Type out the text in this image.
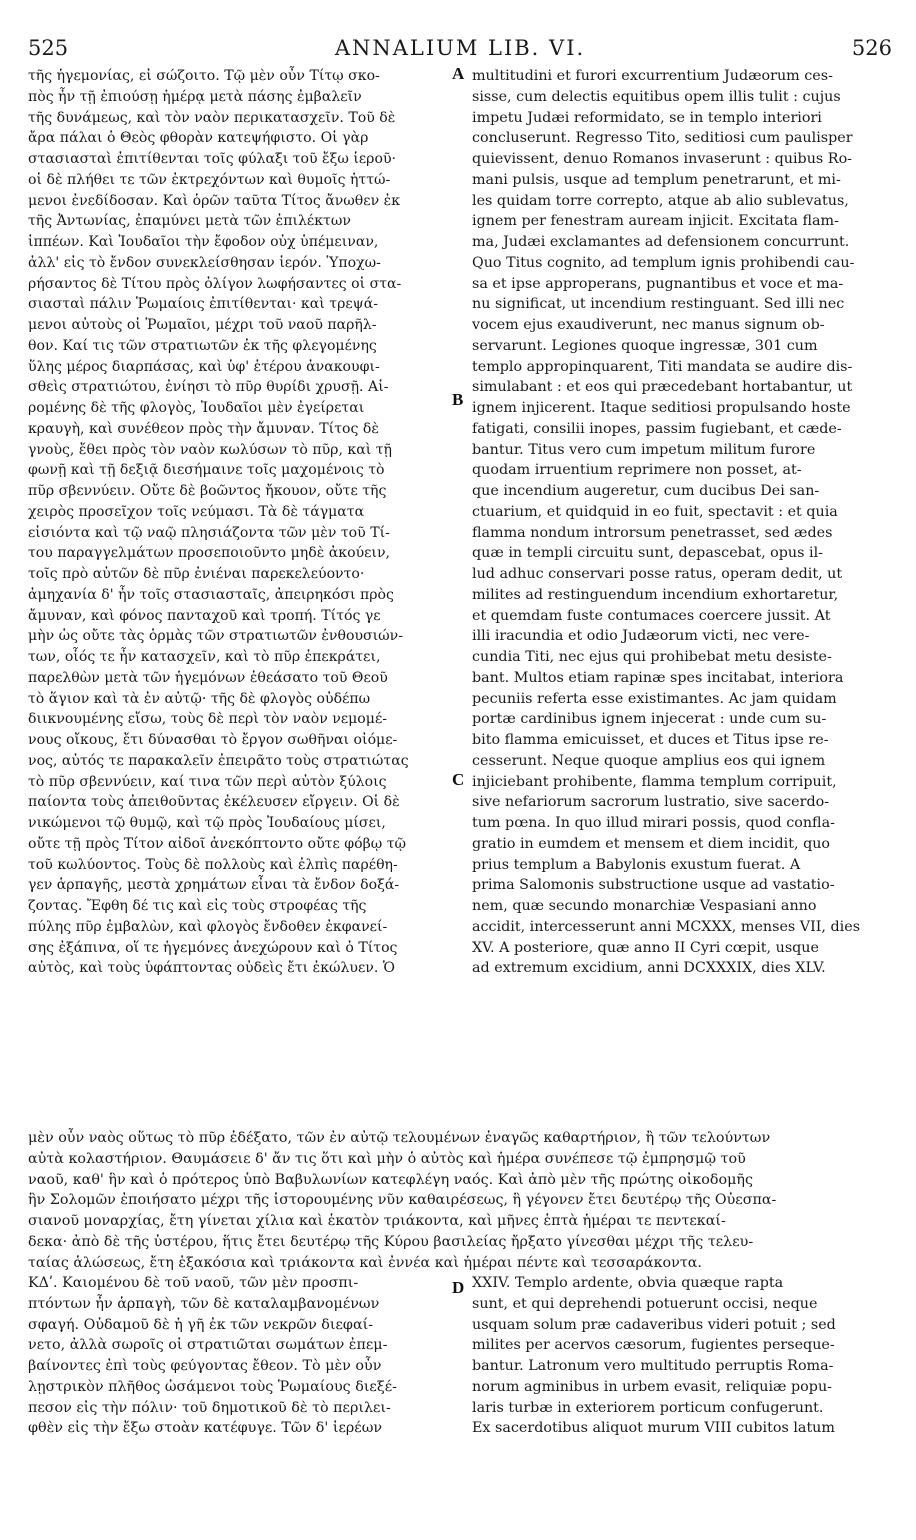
525	ANNALIUM LIB. VI.	526
τῆς ἡγεμονίας, εἰ σώζοιτο. Τῷ μὲν οὖν Τίτῳ σκο-
πὸς ἦν τῇ ἐπιούσῃ ἡμέρᾳ μετὰ πάσης ἐμβαλεῖν
τῆς δυνάμεως, καὶ τὸν ναὸν περικατασχεῖν. Τοῦ δὲ
ἄρα πάλαι ὁ Θεὸς φθορὰν κατεψήφιστο. Οἱ γὰρ
στασιασταὶ ἐπιτίθενται τοῖς φύλαξι τοῦ ἔξω ἱεροῦ·
οἱ δὲ πλήθει τε τῶν ἐκτρεχόντων καὶ θυμοῖς ἡττώ-
μενοι ἐνεδίδοσαν. Καὶ ὁρῶν ταῦτα Τίτος ἄνωθεν ἐκ
τῆς Ἀντωνίας, ἐπαμύνει μετὰ τῶν ἐπιλέκτων
ἱππέων. Καὶ Ἰουδαῖοι τὴν ἔφοδον οὐχ ὑπέμειναν,
ἀλλ' εἰς τὸ ἔνδον συνεκλείσθησαν ἱερόν. Ὑποχω-
ρήσαντος δὲ Τίτου πρὸς ὀλίγον λωφήσαντες οἱ στα-
σιασταὶ πάλιν Ῥωμαίοις ἐπιτίθενται· καὶ τρεψά-
μενοι αὐτοὺς οἱ Ῥωμαῖοι, μέχρι τοῦ ναοῦ παρῆλ-
θον. Καί τις τῶν στρατιωτῶν ἐκ τῆς φλεγομένης
ὕλης μέρος διαρπάσας, καὶ ὑφ' ἑτέρου ἀνακουφι-
σθεὶς στρατιώτου, ἐνίησι τὸ πῦρ θυρίδι χρυσῇ. Αἱ-
ρομένης δὲ τῆς φλογὸς, Ἰουδαῖοι μὲν ἐγείρεται
κραυγὴ, καὶ συνέθεον πρὸς τὴν ἄμυναν. Τίτος δὲ
γνοὺς, ἔθει πρὸς τὸν ναὸν κωλύσων τὸ πῦρ, καὶ τῇ
φωνῇ καὶ τῇ δεξιᾷ διεσήμαινε τοῖς μαχομένοις τὸ
πῦρ σβεννύειν. Οὔτε δὲ βοῶντος ἤκουον, οὔτε τῆς
χειρὸς προσεῖχον τοῖς νεύμασι. Τὰ δὲ τάγματα
εἰσιόντα καὶ τῷ ναῷ πλησιάζοντα τῶν μὲν τοῦ Τί-
του παραγγελμάτων προσεποιοῦντο μηδὲ ἀκούειν,
τοῖς πρὸ αὐτῶν δὲ πῦρ ἐνιέναι παρεκελεύοντο·
ἀμηχανία δ' ἦν τοῖς στασιασταῖς, ἀπειρηκόσι πρὸς
ἄμυναν, καὶ φόνος πανταχοῦ καὶ τροπή. Τίτός γε
μὴν ὡς οὔτε τὰς ὁρμὰς τῶν στρατιωτῶν ἐνθουσιών-
των, οἷός τε ἦν κατασχεῖν, καὶ τὸ πῦρ ἐπεκράτει,
παρελθὼν μετὰ τῶν ἡγεμόνων ἐθεάσατο τοῦ Θεοῦ
τὸ ἅγιον καὶ τὰ ἐν αὐτῷ· τῆς δὲ φλογὸς οὐδέπω
διικνουμένης εἴσω, τοὺς δὲ περὶ τὸν ναὸν νεμομέ-
νους οἴκους, ἔτι δύνασθαι τὸ ἔργον σωθῆναι οἰόμε-
νος, αὐτός τε παρακαλεῖν ἐπειρᾶτο τοὺς στρατιώτας
τὸ πῦρ σβεννύειν, καί τινα τῶν περὶ αὐτὸν ξύλοις
παίοντα τοὺς ἀπειθοῦντας ἐκέλευσεν εἴργειν. Οἱ δὲ
νικώμενοι τῷ θυμῷ, καὶ τῷ πρὸς Ἰουδαίους μίσει,
οὔτε τῇ πρὸς Τίτον αἰδοῖ ἀνεκόπτοντο οὔτε φόβῳ τῷ
τοῦ κωλύοντος. Τοὺς δὲ πολλοὺς καὶ ἐλπὶς παρέθη-
γεν ἁρπαγῆς, μεστὰ χρημάτων εἶναι τὰ ἔνδον δοξά-
ζοντας. Ἔφθη δέ τις καὶ εἰς τοὺς στροφέας τῆς
πύλης πῦρ ἐμβαλὼν, καὶ φλογὸς ἔνδοθεν ἐκφανεί-
σης ἐξάπινα, οἵ τε ἡγεμόνες ἀνεχώρουν καὶ ὁ Τίτος
αὐτὸς, καὶ τοὺς ὑφάπτοντας οὐδεὶς ἔτι ἐκώλυεν. Ὁ
multitudini et furori excurrentium Judæorum ces-
sisse, cum delectis equitibus opem illis tulit : cujus
impetu Judæi reformidato, se in templo interiori
concluserunt. Regresso Tito, seditiosi cum paulisper
quievissent, denuo Romanos invaserunt : quibus Ro-
mani pulsis, usque ad templum penetrarunt, et mi-
les quidam torre correpto, atque ab alio sublevatus,
ignem per fenestram auream injicit. Excitata flam-
ma, Judæi exclamantes ad defensionem concurrunt.
Quo Titus cognito, ad templum ignis prohibendi cau-
sa et ipse approperans, pugnantibus et voce et ma-
nu significat, ut incendium restinguant. Sed illi nec
vocem ejus exaudiverunt, nec manus signum ob-
servarunt. Legiones quoque ingressæ, 301 cum
templo appropinquarent, Titi mandata se audire dis-
simulabant : et eos qui præcedebant hortabantur, ut
ignem injicerent. Itaque seditiosi propulsando hoste
fatigati, consilii inopes, passim fugiebant, et cæde-
bantur. Titus vero cum impetum militum furore
quodam irruentium reprimere non posset, at-
que incendium augeretur, cum ducibus Dei san-
ctuarium, et quidquid in eo fuit, spectavit : et quia
flamma nondum introrsum penetrasset, sed ædes
quæ in templi circuitu sunt, depascebat, opus il-
lud adhuc conservari posse ratus, operam dedit, ut
milites ad restinguendum incendium exhortaretur,
et quemdam fuste contumaces coercere jussit. At
illi iracundia et odio Judæorum victi, nec vere-
cundia Titi, nec ejus qui prohibebat metu desiste-
bant. Multos etiam rapinæ spes incitabat, interiora
pecuniis referta esse existimantes. Ac jam quidam
portæ cardinibus ignem injecerat : unde cum su-
bito flamma emicuisset, et duces et Titus ipse re-
cesserunt. Neque quoque amplius eos qui ignem
injiciebant prohibente, flamma templum corripuit,
sive nefariorum sacrorum lustratio, sive sacerdo-
tum pœna. In quo illud mirari possis, quod confla-
gratio in eumdem et mensem et diem incidit, quo
prius templum a Babylonis exustum fuerat. A
prima Salomonis substructione usque ad vastatio-
nem, quæ secundo monarchiæ Vespasiani anno
accidit, intercesserunt anni MCXXX, menses VII, dies
XV. A posteriore, quæ anno II Cyri cœpit, usque
ad extremum excidium, anni DCXXXIX, dies XLV.
A
B
C
D
μὲν οὖν ναὸς οὕτως τὸ πῦρ ἐδέξατο, τῶν ἐν αὐτῷ τελουμένων ἐναγῶς καθαρτήριον, ἢ τῶν τελούντων
αὐτὰ κολαστήριον. Θαυμάσειε δ' ἄν τις ὅτι καὶ μὴν ὁ αὐτὸς καὶ ἡμέρα συνέπεσε τῷ ἐμπρησμῷ τοῦ
ναοῦ, καθ' ἣν καὶ ὁ πρότερος ὑπὸ Βαβυλωνίων κατεφλέγη ναός. Καὶ ἀπὸ μὲν τῆς πρώτης οἰκοδομῆς
ἣν Σολομῶν ἐποιήσατο μέχρι τῆς ἱστορουμένης νῦν καθαιρέσεως, ἣ γέγονεν ἔτει δευτέρῳ τῆς Οὐεσπα-
σιανοῦ μοναρχίας, ἔτη γίνεται χίλια καὶ ἑκατὸν τριάκοντα, καὶ μῆνες ἑπτὰ ἡμέραι τε πεντεκαί-
δεκα· ἀπὸ δὲ τῆς ὑστέρου, ἥτις ἔτει δευτέρῳ τῆς Κύρου βασιλείας ἤρξατο γίνεσθαι μέχρι τῆς τελευ-
ταίας ἁλώσεως, ἔτη ἑξακόσια καὶ τριάκοντα καὶ ἐννέα καὶ ἡμέραι πέντε καὶ τεσσαράκοντα.
ΚΔʹ. Καιομένου δὲ τοῦ ναοῦ, τῶν μὲν προσπι-
πτόντων ἦν ἁρπαγὴ, τῶν δὲ καταλαμβανομένων
σφαγή. Οὐδαμοῦ δὲ ἡ γῆ ἐκ τῶν νεκρῶν διεφαί-
νετο, ἀλλὰ σωροῖς οἱ στρατιῶται σωμάτων ἐπεμ-
βαίνοντες ἐπὶ τοὺς φεύγοντας ἔθεον. Τὸ μὲν οὖν
λῃστρικὸν πλῆθος ὠσάμενοι τοὺς Ῥωμαίους διεξέ-
πεσον εἰς τὴν πόλιν· τοῦ δημοτικοῦ δὲ τὸ περιλει-
φθὲν εἰς τὴν ἔξω στοὰν κατέφυγε. Τῶν δ' ἱερέων
XXIV. Templo ardente, obvia quæque rapta
sunt, et qui deprehendi potuerunt occisi, neque
usquam solum præ cadaveribus videri potuit ; sed
milites per acervos cæsorum, fugientes perseque-
bantur. Latronum vero multitudo perruptis Roma-
norum agminibus in urbem evasit, reliquiæ popu-
laris turbæ in exteriorem porticum confugerunt.
Ex sacerdotibus aliquot murum VIII cubitos latum
